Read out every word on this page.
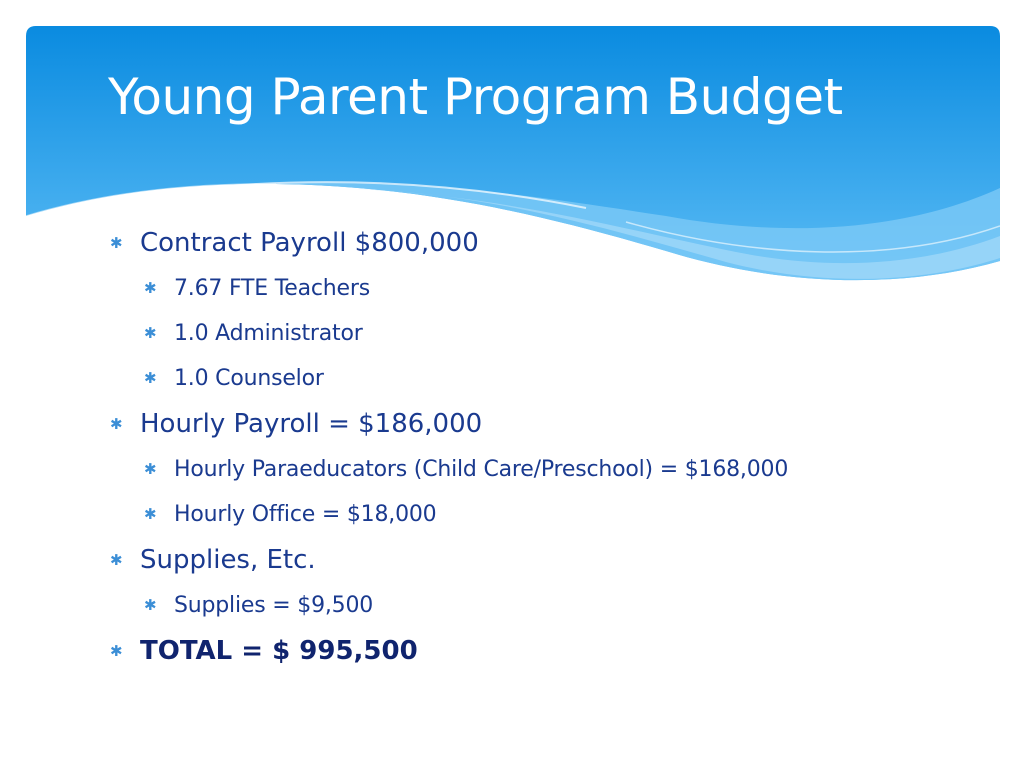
Young Parent Program Budget
✱ Contract Payroll $800,000
✱ 7.67 FTE Teachers
✱ 1.0 Administrator
✱ 1.0 Counselor
✱ Hourly Payroll = $186,000
✱ Hourly Paraeducators (Child Care/Preschool) = $168,000
✱ Hourly Office = $18,000
✱ Supplies, Etc.
✱ Supplies = $9,500
✱ TOTAL = $ 995,500
